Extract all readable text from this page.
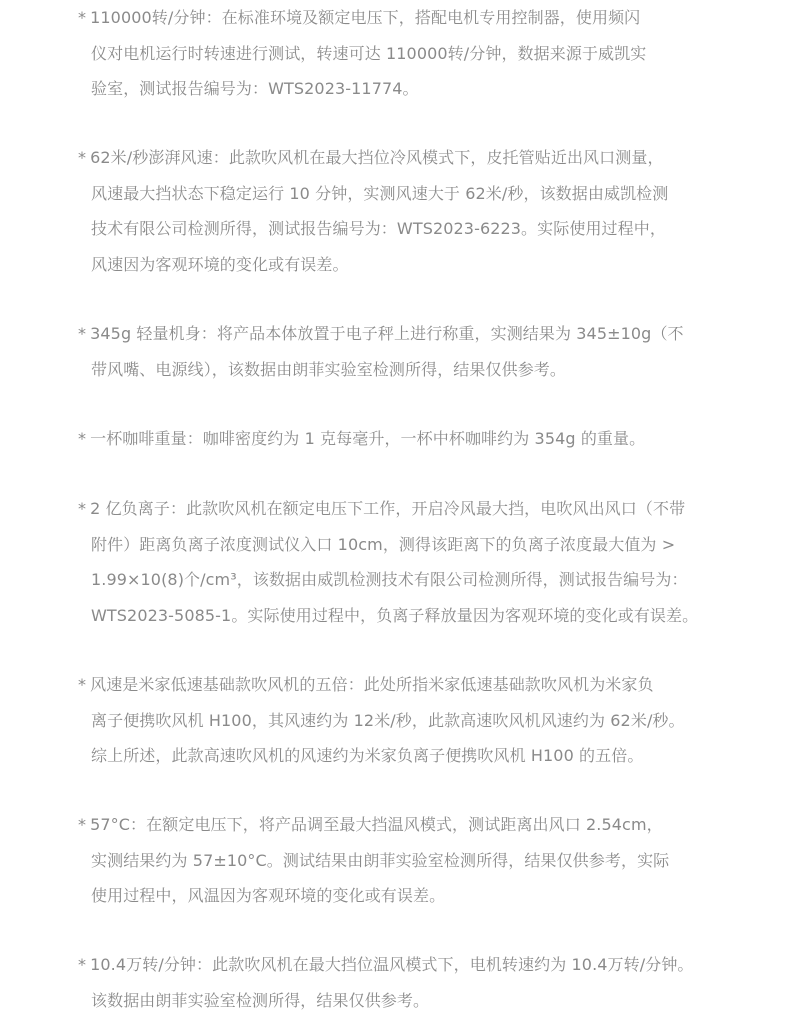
* 110000转/分钟：在标准环境及额定电压下，搭配电机专用控制器，使用频闪
仪对电机运行时转速进行测试，转速可达 110000转/分钟，数据来源于威凯实
验室，测试报告编号为：WTS2023-11774。
* 62米/秒澎湃风速：此款吹风机在最大挡位冷风模式下，皮托管贴近出风口测量，
风速最大挡状态下稳定运行 10 分钟，实测风速大于 62米/秒，该数据由威凯检测
技术有限公司检测所得，测试报告编号为：WTS2023-6223。实际使用过程中，
风速因为客观环境的变化或有误差。
* 345g 轻量机身：将产品本体放置于电子秤上进行称重，实测结果为 345±10g（不
带风嘴、电源线），该数据由朗菲实验室检测所得，结果仅供参考。
* 一杯咖啡重量：咖啡密度约为 1 克每毫升，一杯中杯咖啡约为 354g 的重量。
* 2 亿负离子：此款吹风机在额定电压下工作，开启冷风最大挡，电吹风出风口（不带
附件）距离负离子浓度测试仪入口 10cm，测得该距离下的负离子浓度最大值为 >
1.99×10(8)个/cm³，该数据由威凯检测技术有限公司检测所得，测试报告编号为：
WTS2023-5085-1。实际使用过程中，负离子释放量因为客观环境的变化或有误差。
* 风速是米家低速基础款吹风机的五倍：此处所指米家低速基础款吹风机为米家负
离子便携吹风机 H100，其风速约为 12米/秒，此款高速吹风机风速约为 62米/秒。
综上所述，此款高速吹风机的风速约为米家负离子便携吹风机 H100 的五倍。
* 57°C：在额定电压下，将产品调至最大挡温风模式，测试距离出风口 2.54cm，
实测结果约为 57±10°C。测试结果由朗菲实验室检测所得，结果仅供参考，实际
使用过程中，风温因为客观环境的变化或有误差。
* 10.4万转/分钟：此款吹风机在最大挡位温风模式下，电机转速约为 10.4万转/分钟。
该数据由朗菲实验室检测所得，结果仅供参考。
